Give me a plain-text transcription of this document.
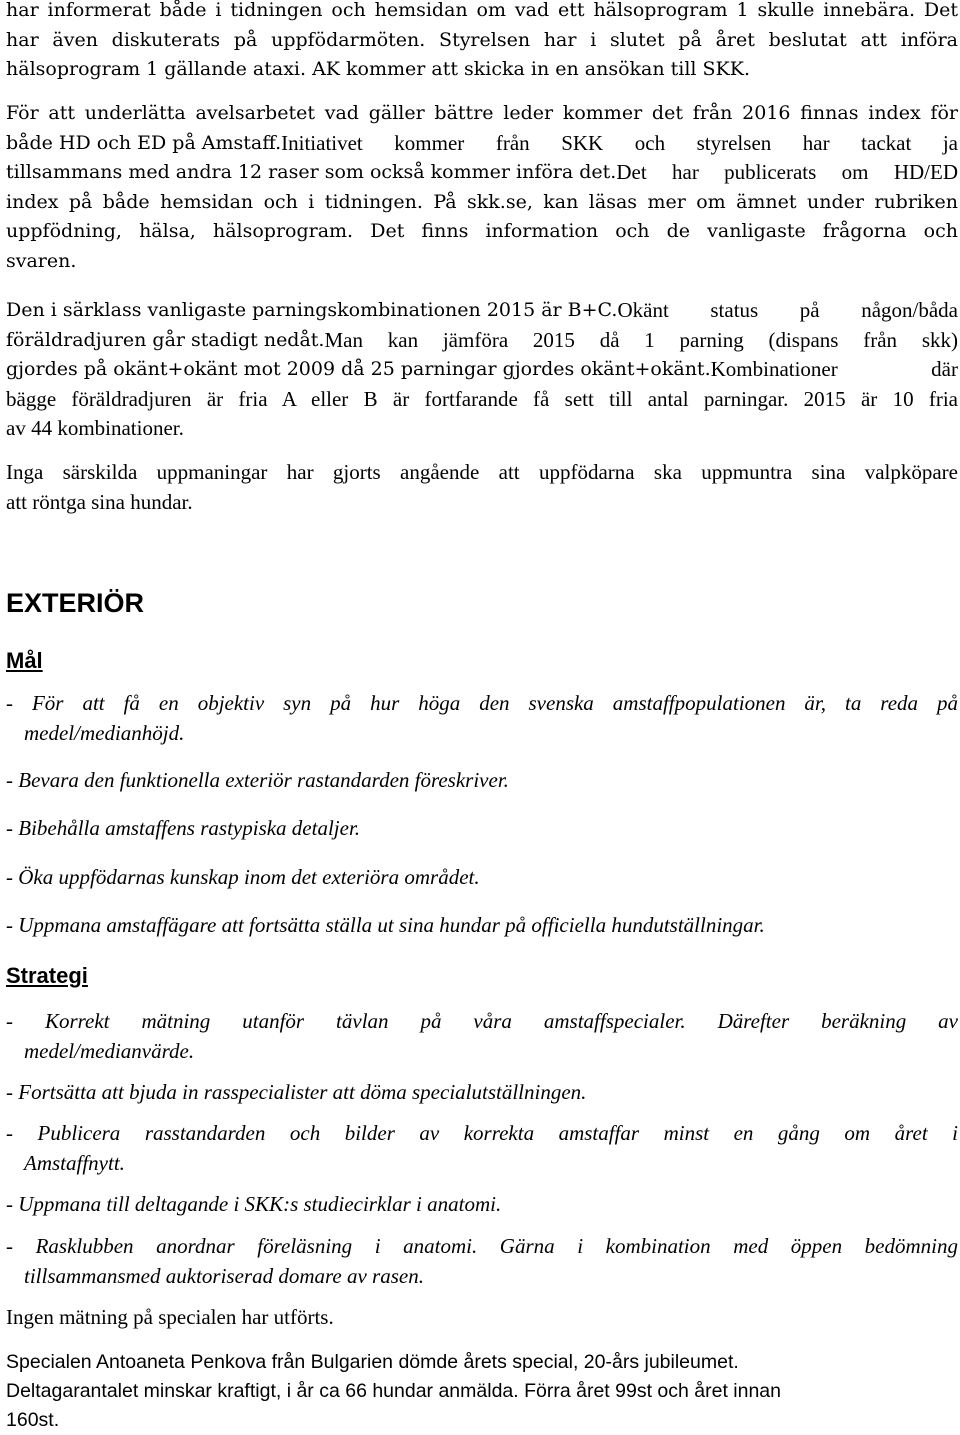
har informerat både i tidningen och hemsidan om vad ett hälsoprogram 1 skulle innebära. Det
har även diskuterats på uppfödarmöten. Styrelsen har i slutet på året beslutat att införa
hälsoprogram 1 gällande ataxi. AK kommer att skicka in en ansökan till SKK.
För att underlätta avelsarbetet vad gäller bättre leder kommer det från 2016 finnas index för
både HD och ED på Amstaff. Initiativet kommer från SKK och styrelsen har tackat ja
tillsammans med andra 12 raser som också kommer införa det. Det har publicerats om HD/ED
index på både hemsidan och i tidningen. På skk.se, kan läsas mer om ämnet under rubriken
uppfödning, hälsa, hälsoprogram. Det finns information och de vanligaste frågorna och
svaren.
Den i särklass vanligaste parningskombinationen 2015 är B+C. Okänt status på någon/båda
föräldradjuren går stadigt nedåt. Man kan jämföra 2015 då 1 parning (dispans från skk)
gjordes på okänt+okänt mot 2009 då 25 parningar gjordes okänt+okänt. Kombinationer där
bägge föräldradjuren är fria A eller B är fortfarande få sett till antal parningar. 2015 är 10 fria
av 44 kombinationer.
Inga särskilda uppmaningar har gjorts angående att uppfödarna ska uppmuntra sina valpköpare
att röntga sina hundar.
EXTERIÖR
Mål
- För att få en objektiv syn på hur höga den svenska amstaffpopulationen är, ta reda på
medel/medianhöjd.
- Bevara den funktionella exteriör rastandarden föreskriver.
- Bibehålla amstaffens rastypiska detaljer.
- Öka uppfödarnas kunskap inom det exteriöra området.
- Uppmana amstaffägare att fortsätta ställa ut sina hundar på officiella hundutställningar.
Strategi
- Korrekt mätning utanför tävlan på våra amstaffspecialer. Därefter beräkning av
medel/medianvärde.
- Fortsätta att bjuda in rasspecialister att döma specialutställningen.
- Publicera rasstandarden och bilder av korrekta amstaffar minst en gång om året i
Amstaffnytt.
- Uppmana till deltagande i SKK:s studiecirklar i anatomi.
- Rasklubben anordnar föreläsning i anatomi. Gärna i kombination med öppen bedömning
tillsammansmed auktoriserad domare av rasen.
Ingen mätning på specialen har utförts.
Specialen Antoaneta Penkova från Bulgarien dömde årets special, 20-års jubileumet.
Deltagarantalet minskar kraftigt, i år ca 66 hundar anmälda. Förra året 99st och året innan
160st.
